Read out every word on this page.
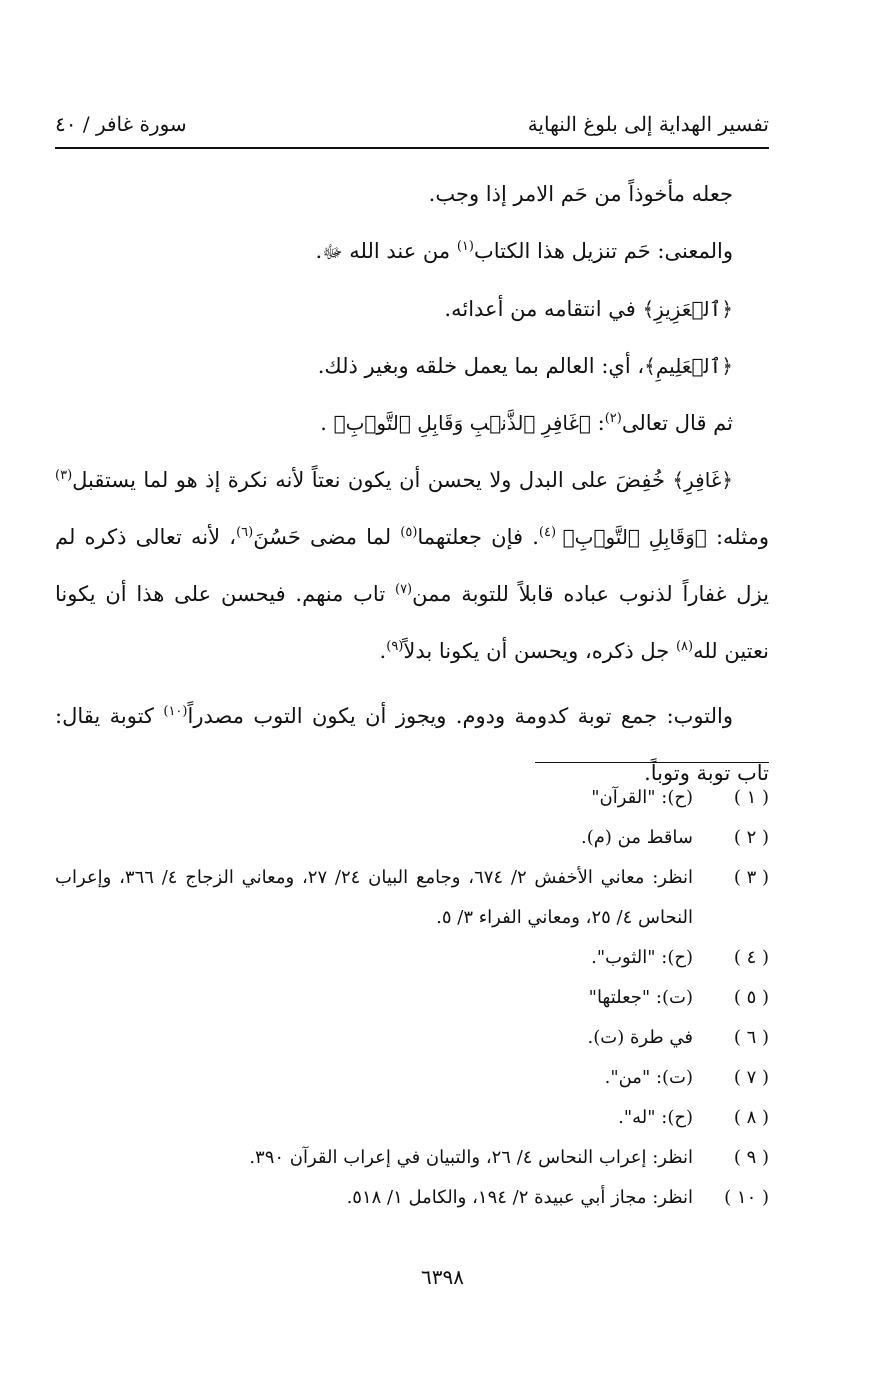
تفسير الهداية إلى بلوغ النهاية
سورة غافر / ٤٠

جعله مأخوذاً من حَم الامر إذا وجب.

والمعنى: حَم تنزيل هذا الكتاب$^{(١)}$ من عند الله ﷻ.

﴿ٱلۡعَزِيزِ﴾ في انتقامه من أعدائه.

﴿ٱلۡعَلِيمِ﴾، أي: العالم بما يعمل خلقه وبغير ذلك.

ثم قال تعالى$^{(٢)}$: ﴿غَافِرِ ٱلذَّنۢبِ وَقَابِلِ ٱلتَّوۡبِ﴾ .

﴿غَافِرِ﴾ خُفِضَ على البدل ولا يحسن أن يكون نعتاً لأنه نكرة إذ هو لما يستقبل$^{(٣)}$ ومثله: ﴿وَقَابِلِ ٱلتَّوۡبِ﴾ $^{(٤)}$. فإن جعلتهما$^{(٥)}$ لما مضى حَسُنَ$^{(٦)}$، لأنه تعالى ذكره لم يزل غفاراً لذنوب عباده قابلاً للتوبة ممن$^{(٧)}$ تاب منهم. فيحسن على هذا أن يكونا نعتين لله$^{(٨)}$ جل ذكره، ويحسن أن يكونا بدلاً$^{(٩)}$.

والتوب: جمع توبة كدومة ودوم. ويجوز أن يكون التوب مصدراً$^{(١٠)}$ كتوبة يقال: تاب توبة وتوباً.

( ١ )
(ح): "القرآن"
( ٢ )
ساقط من (م).
( ٣ )
انظر: معاني الأخفش ٢/ ٦٧٤، وجامع البيان ٢٤/ ٢٧، ومعاني الزجاج ٤/ ٣٦٦، وإعراب النحاس ٤/ ٢٥، ومعاني الفراء ٣/ ٥.
( ٤ )
(ح): "الثوب".
( ٥ )
(ت): "جعلتها"
( ٦ )
في طرة (ت).
( ٧ )
(ت): "من".
( ٨ )
(ح): "له".
( ٩ )
انظر: إعراب النحاس ٤/ ٢٦، والتبيان في إعراب القرآن ٣٩٠.
( ١٠ )
انظر: مجاز أبي عبيدة ٢/ ١٩٤، والكامل ١/ ٥١٨.
٦٣٩٨
